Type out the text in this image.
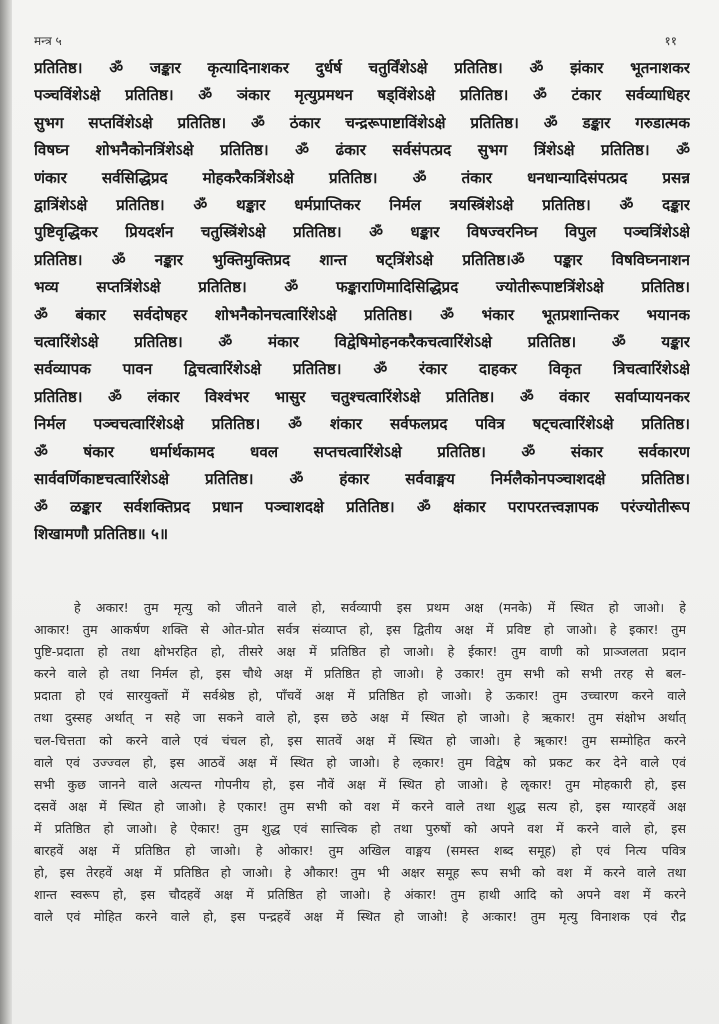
मन्त्र ५	११
प्रतितिष्ठ। ॐ जङ्कार कृत्यादिनाशकर दुर्धर्ष चतुर्विंशेऽक्षे प्रतितिष्ठ। ॐ झंकार भूतनाशकर
पञ्चविंशेऽक्षे प्रतितिष्ठ। ॐ ञंकार मृत्युप्रमथन षड्विंशेऽक्षे प्रतितिष्ठ। ॐ टंकार सर्वव्याधिहर
सुभग सप्तविंशेऽक्षे प्रतितिष्ठ। ॐ ठंकार चन्द्ररूपाष्टाविंशेऽक्षे प्रतितिष्ठ। ॐ डङ्कार गरुडात्मक
विषघ्न शोभनैकोनत्रिंशेऽक्षे प्रतितिष्ठ। ॐ ढंकार सर्वसंपत्प्रद सुभग त्रिंशेऽक्षे प्रतितिष्ठ। ॐ
णंकार सर्वसिद्धिप्रद मोहकरैकत्रिंशेऽक्षे प्रतितिष्ठ। ॐ तंकार धनधान्यादिसंपत्प्रद प्रसन्न
द्वात्रिंशेऽक्षे प्रतितिष्ठ। ॐ थङ्कार धर्मप्राप्तिकर निर्मल त्रयस्त्रिंशेऽक्षे प्रतितिष्ठ। ॐ दङ्कार
पुष्टिवृद्धिकर प्रियदर्शन चतुस्त्रिंशेऽक्षे प्रतितिष्ठ। ॐ धङ्कार विषज्वरनिघ्न विपुल पञ्चत्रिंशेऽक्षे
प्रतितिष्ठ। ॐ नङ्कार भुक्तिमुक्तिप्रद शान्त षट्त्रिंशेऽक्षे प्रतितिष्ठ।ॐ पङ्कार विषविघ्ननाशन
भव्य सप्तत्रिंशेऽक्षे प्रतितिष्ठ। ॐ फङ्काराणिमादिसिद्धिप्रद ज्योतीरूपाष्टत्रिंशेऽक्षे प्रतितिष्ठ।
ॐ बंकार सर्वदोषहर शोभनैकोनचत्वारिंशेऽक्षे प्रतितिष्ठ। ॐ भंकार भूतप्रशान्तिकर भयानक
चत्वारिंशेऽक्षे प्रतितिष्ठ। ॐ मंकार विद्वेषिमोहनकरैकचत्वारिंशेऽक्षे प्रतितिष्ठ। ॐ यङ्कार
सर्वव्यापक पावन द्विचत्वारिंशेऽक्षे प्रतितिष्ठ। ॐ रंकार दाहकर विकृत त्रिचत्वारिंशेऽक्षे
प्रतितिष्ठ। ॐ लंकार विश्वंभर भासुर चतुश्चत्वारिंशेऽक्षे प्रतितिष्ठ। ॐ वंकार सर्वाप्यायनकर
निर्मल पञ्चचत्वारिंशेऽक्षे प्रतितिष्ठ। ॐ शंकार सर्वफलप्रद पवित्र षट्चत्वारिंशेऽक्षे प्रतितिष्ठ।
ॐ षंकार धर्मार्थकामद धवल सप्तचत्वारिंशेऽक्षे प्रतितिष्ठ। ॐ संकार सर्वकारण
सार्ववर्णिकाष्टचत्वारिंशेऽक्षे प्रतितिष्ठ। ॐ हंकार सर्ववाङ्मय निर्मलैकोनपञ्चाशदक्षे प्रतितिष्ठ।
ॐ ळङ्कार सर्वशक्तिप्रद प्रधान पञ्चाशदक्षे प्रतितिष्ठ। ॐ क्षंकार परापरतत्त्वज्ञापक परंज्योतीरूप
शिखामणौ प्रतितिष्ठ॥ ५॥
हे अकार! तुम मृत्यु को जीतने वाले हो, सर्वव्यापी इस प्रथम अक्ष (मनके) में स्थित हो जाओ। हे
आकार! तुम आकर्षण शक्ति से ओत-प्रोत सर्वत्र संव्याप्त हो, इस द्वितीय अक्ष में प्रविष्ट हो जाओ। हे इकार! तुम
पुष्टि-प्रदाता हो तथा क्षोभरहित हो, तीसरे अक्ष में प्रतिष्ठित हो जाओ। हे ईकार! तुम वाणी को प्राञ्जलता प्रदान
करने वाले हो तथा निर्मल हो, इस चौथे अक्ष में प्रतिष्ठित हो जाओ। हे उकार! तुम सभी को सभी तरह से बल-
प्रदाता हो एवं सारयुक्तों में सर्वश्रेष्ठ हो, पाँचवें अक्ष में प्रतिष्ठित हो जाओ। हे ऊकार! तुम उच्चारण करने वाले
तथा दुस्सह अर्थात् न सहे जा सकने वाले हो, इस छठे अक्ष में स्थित हो जाओ। हे ऋकार! तुम संक्षोभ अर्थात्
चल-चित्तता को करने वाले एवं चंचल हो, इस सातवें अक्ष में स्थित हो जाओ। हे ॠकार! तुम सम्मोहित करने
वाले एवं उज्ज्वल हो, इस आठवें अक्ष में स्थित हो जाओ। हे ऌकार! तुम विद्वेष को प्रकट कर देने वाले एवं
सभी कुछ जानने वाले अत्यन्त गोपनीय हो, इस नौवें अक्ष में स्थित हो जाओ। हे ॡकार! तुम मोहकारी हो, इस
दसवें अक्ष में स्थित हो जाओ। हे एकार! तुम सभी को वश में करने वाले तथा शुद्ध सत्य हो, इस ग्यारहवें अक्ष
में प्रतिष्ठित हो जाओ। हे ऐकार! तुम शुद्ध एवं सात्त्विक हो तथा पुरुषों को अपने वश में करने वाले हो, इस
बारहवें अक्ष में प्रतिष्ठित हो जाओ। हे ओकार! तुम अखिल वाङ्मय (समस्त शब्द समूह) हो एवं नित्य पवित्र
हो, इस तेरहवें अक्ष में प्रतिष्ठित हो जाओ। हे औकार! तुम भी अक्षर समूह रूप सभी को वश में करने वाले तथा
शान्त स्वरूप हो, इस चौदहवें अक्ष में प्रतिष्ठित हो जाओ। हे अंकार! तुम हाथी आदि को अपने वश में करने
वाले एवं मोहित करने वाले हो, इस पन्द्रहवें अक्ष में स्थित हो जाओ! हे अःकार! तुम मृत्यु विनाशक एवं रौद्र
